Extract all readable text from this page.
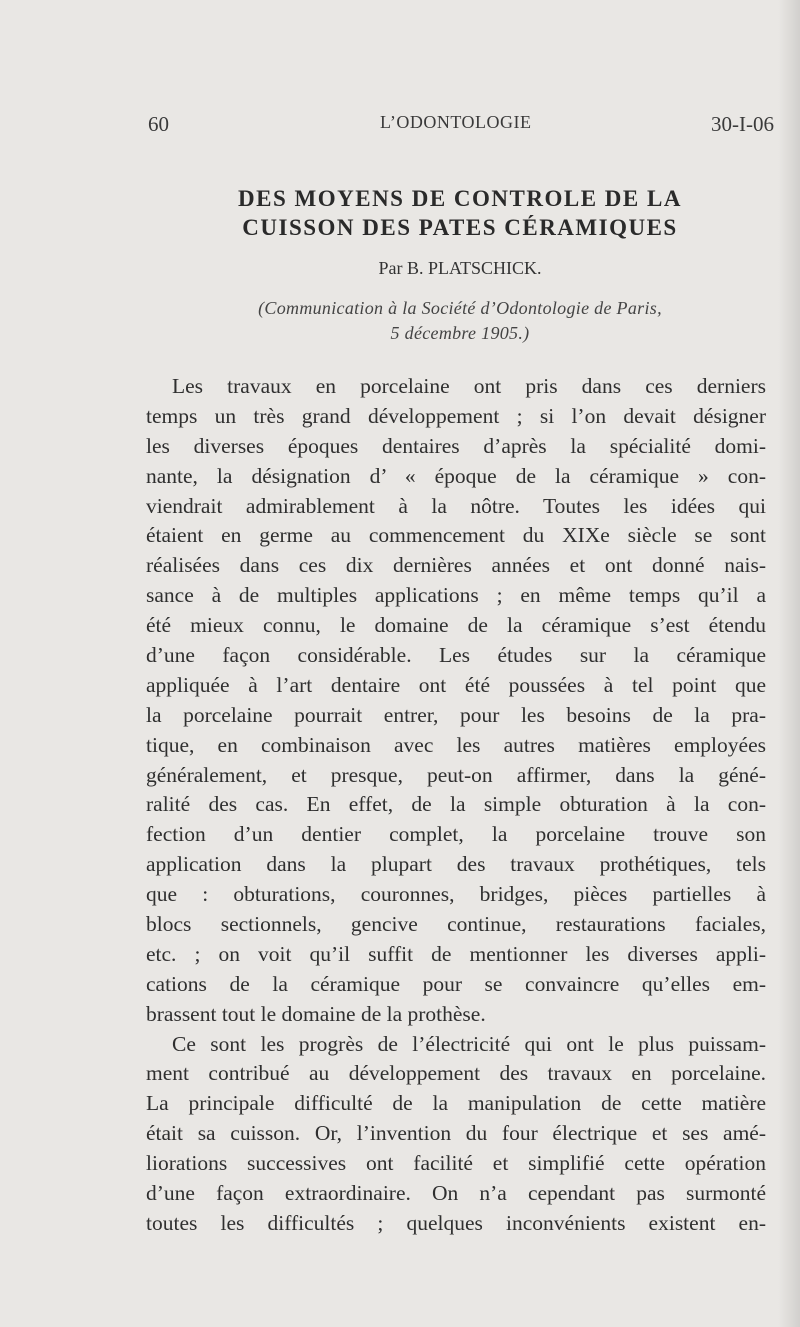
60	L’ODONTOLOGIE	30-I-06
DES MOYENS DE CONTROLE DE LA
CUISSON DES PATES CÉRAMIQUES
Par B. PLATSCHICK.
(Communication à la Société d’Odontologie de Paris,
5 décembre 1905.)
Les travaux en porcelaine ont pris dans ces derniers
temps un très grand développement ; si l’on devait désigner
les diverses époques dentaires d’après la spécialité domi-
nante, la désignation d’ « époque de la céramique » con-
viendrait admirablement à la nôtre. Toutes les idées qui
étaient en germe au commencement du XIXe siècle se sont
réalisées dans ces dix dernières années et ont donné nais-
sance à de multiples applications ; en même temps qu’il a
été mieux connu, le domaine de la céramique s’est étendu
d’une façon considérable. Les études sur la céramique
appliquée à l’art dentaire ont été poussées à tel point que
la porcelaine pourrait entrer, pour les besoins de la pra-
tique, en combinaison avec les autres matières employées
généralement, et presque, peut-on affirmer, dans la géné-
ralité des cas. En effet, de la simple obturation à la con-
fection d’un dentier complet, la porcelaine trouve son
application dans la plupart des travaux prothétiques, tels
que : obturations, couronnes, bridges, pièces partielles à
blocs sectionnels, gencive continue, restaurations faciales,
etc. ; on voit qu’il suffit de mentionner les diverses appli-
cations de la céramique pour se convaincre qu’elles em-
brassent tout le domaine de la prothèse.
Ce sont les progrès de l’électricité qui ont le plus puissam-
ment contribué au développement des travaux en porcelaine.
La principale difficulté de la manipulation de cette matière
était sa cuisson. Or, l’invention du four électrique et ses amé-
liorations successives ont facilité et simplifié cette opération
d’une façon extraordinaire. On n’a cependant pas surmonté
toutes les difficultés ; quelques inconvénients existent en-
